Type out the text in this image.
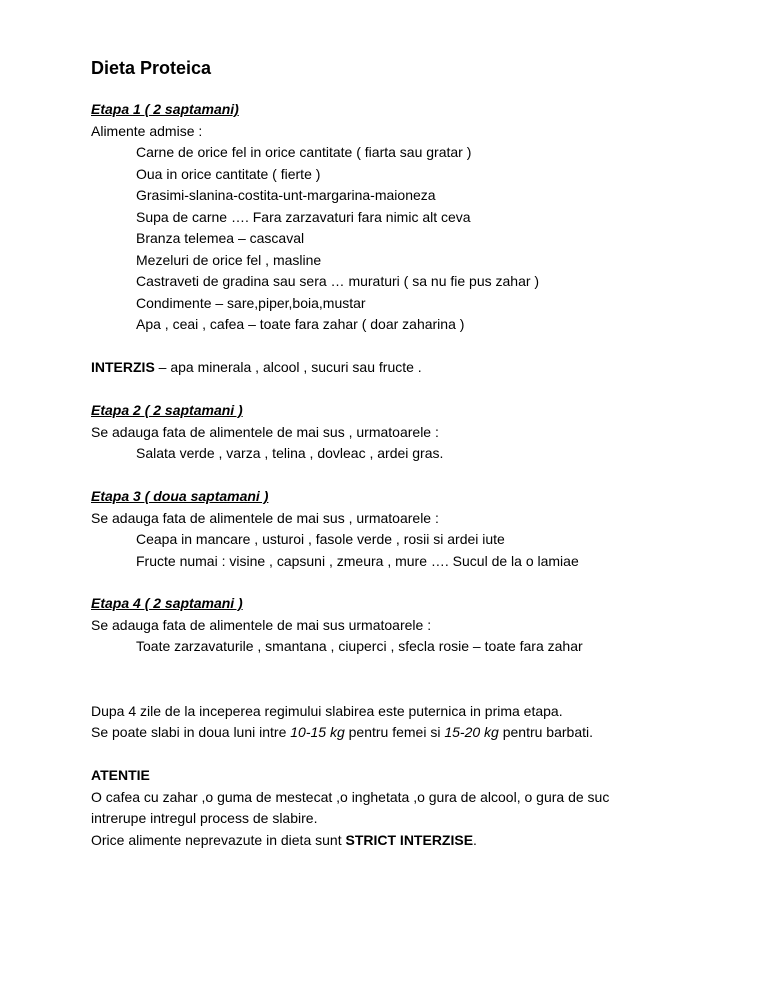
Dieta Proteica
Etapa 1 ( 2 saptamani)
Alimente admise :
Carne de orice fel in orice cantitate ( fiarta sau gratar )
Oua in orice cantitate ( fierte )
Grasimi-slanina-costita-unt-margarina-maioneza
Supa de carne …. Fara zarzavaturi fara nimic alt ceva
Branza telemea – cascaval
Mezeluri de orice fel , masline
Castraveti de gradina sau sera … muraturi ( sa nu fie pus zahar )
Condimente – sare,piper,boia,mustar
Apa , ceai , cafea – toate fara zahar ( doar zaharina )
INTERZIS – apa minerala , alcool , sucuri sau fructe .
Etapa 2 ( 2 saptamani )
Se adauga fata de alimentele de mai sus , urmatoarele :
Salata verde , varza , telina , dovleac , ardei gras.
Etapa 3 ( doua saptamani )
Se adauga fata de alimentele de mai sus , urmatoarele :
Ceapa in mancare , usturoi , fasole verde , rosii si ardei iute
Fructe numai : visine , capsuni , zmeura , mure …. Sucul de la o lamiae
Etapa 4 ( 2 saptamani )
Se adauga fata de alimentele de mai sus urmatoarele :
Toate zarzavaturile , smantana , ciuperci , sfecla rosie – toate fara zahar
Dupa 4 zile de la inceperea regimului slabirea este puternica in prima etapa.
Se poate slabi in doua luni intre 10-15 kg pentru femei si 15-20 kg pentru barbati.
ATENTIE
O cafea cu zahar ,o guma de mestecat ,o inghetata ,o gura de alcool, o gura de suc
intrerupe intregul process de slabire.
Orice alimente neprevazute in dieta sunt STRICT INTERZISE.
